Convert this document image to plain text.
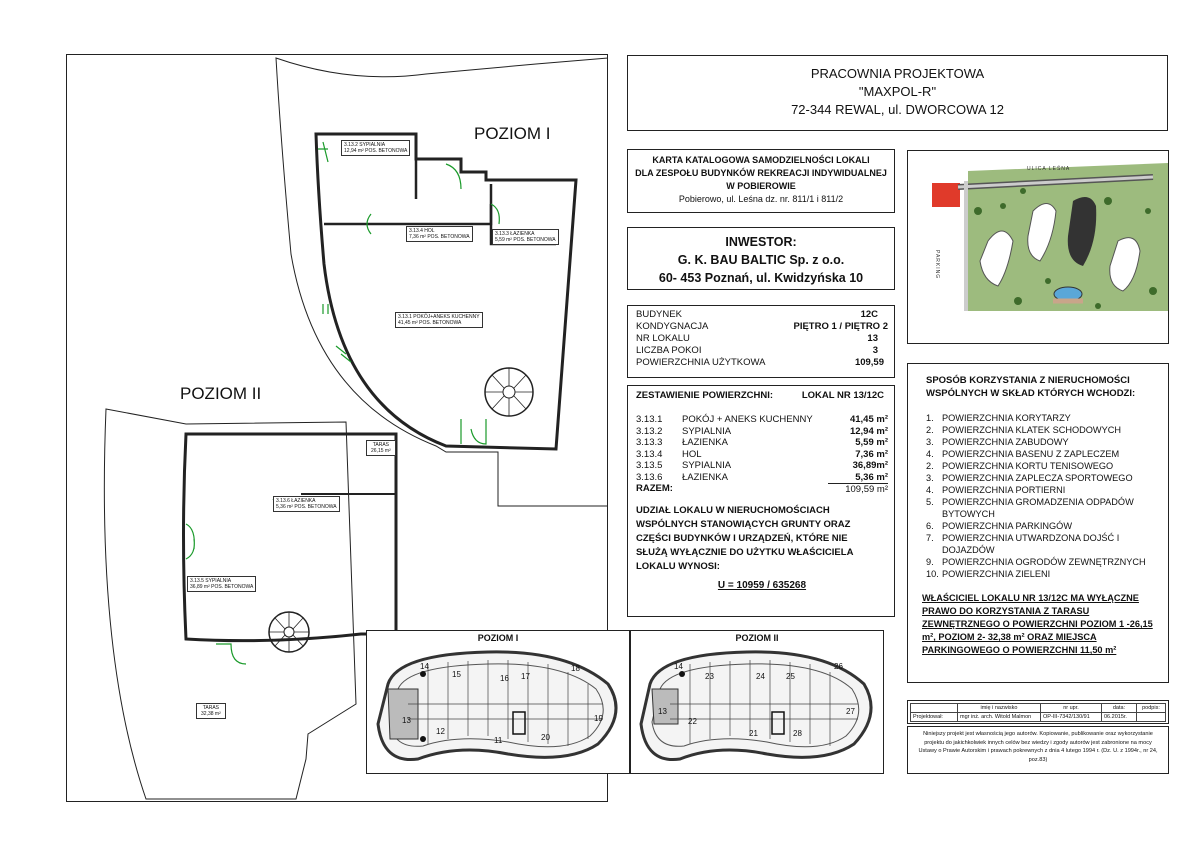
POZIOM I
POZIOM II
3.13.2 SYPIALNIA
12,94 m² POS. BETONOWA
3.13.4 HOL
7,36 m² POS. BETONOWA	3.13.3 ŁAZIENKA
5,59 m² POS. BETONOWA
3.13.1 POKÓJ+ANEKS KUCHENNY
41,45 m² POS. BETONOWA
3.13.6 ŁAZIENKA
5,36 m² POS. BETONOWA
3.13.5 SYPIALNIA
36,89 m² POS. BETONOWA
TARAS
26,15 m²
TARAS
32,38 m²
POZIOM I
14
15	16 17
18
19
20
11
12
13
POZIOM II
14
23	24	25
26
13
22
21	28
27
PRACOWNIA PROJEKTOWA
"MAXPOL-R"
72-344 REWAL, ul. DWORCOWA 12
KARTA KATALOGOWA SAMODZIELNOŚCI LOKALI
DLA ZESPOŁU BUDYNKÓW REKREACJI INDYWIDUALNEJ
W POBIEROWIE
Pobierowo, ul. Leśna dz. nr. 811/1 i 811/2
INWESTOR:
G. K. BAU BALTIC Sp. z o.o.
60- 453 Poznań, ul. Kwidzyńska 10
BUDYNEK	12C
KONDYGNACJA	PIĘTRO 1 / PIĘTRO 2
NR LOKALU	13
LICZBA POKOI	3
POWIERZCHNIA UŻYTKOWA	109,59
ZESTAWIENIE POWIERZCHNI:	LOKAL NR 13/12C
3.13.1	POKÓJ + ANEKS KUCHENNY	41,45 m²
3.13.2	SYPIALNIA	12,94 m²
3.13.3	ŁAZIENKA	5,59 m²
3.13.4	HOL	7,36 m²
3.13.5	SYPIALNIA	36,89m²
3.13.6	ŁAZIENKA	5,36 m²
RAZEM:	109,59 m²
UDZIAŁ LOKALU W NIERUCHOMOŚCIACH WSPÓLNYCH STANOWIĄCYCH GRUNTY ORAZ CZĘŚCI BUDYNKÓW I URZĄDZEŃ, KTÓRE NIE SŁUŻĄ WYŁĄCZNIE DO UŻYTKU WŁAŚCICIELA LOKALU WYNOSI:
U = 10959 / 635268
ULICA LEŚNA
PARKING
SPOSÓB KORZYSTANIA Z NIERUCHOMOŚCI WSPÓLNYCH W SKŁAD KTÓRYCH WCHODZI:
1. POWIERZCHNIA KORYTARZY
2. POWIERZCHNIA KLATEK SCHODOWYCH
3. POWIERZCHNIA ZABUDOWY
4. POWIERZCHNIA BASENU Z ZAPLECZEM
2. POWIERZCHNIA KORTU TENISOWEGO
3. POWIERZCHNIA ZAPLECZA SPORTOWEGO
4. POWIERZCHNIA PORTIERNI
5. POWIERZCHNIA GROMADZENIA ODPADÓW BYTOWYCH
6. POWIERZCHNIA PARKINGÓW
7. POWIERZCHNIA UTWARDZONA DOJŚĆ I DOJAZDÓW
9. POWIERZCHNIA OGRODÓW ZEWNĘTRZNYCH
10. POWIERZCHNIA ZIELENI
WŁAŚCICIEL LOKALU NR 13/12C MA WYŁĄCZNE PRAWO DO KORZYSTANIA Z TARASU ZEWNĘTRZNEGO O POWIERZCHNI POZIOM 1 -26,15 m², POZIOM 2- 32,38 m² ORAZ MIEJSCA PARKINGOWEGO O POWIERZCHNI 11,50 m²
	imię i nazwisko	nr upr.	data:	podpis:
Projektował:	mgr inż. arch. Witold Malmon	OP-III-7342/130/91	06.2015r.	
Niniejszy projekt jest własnością jego autorów. Kopiowanie, publikowanie oraz wykorzystanie projektu do jakichkolwiek innych celów bez wiedzy i zgody autorów jest zabronione na mocy Ustawy o Prawie Autorskim i prawach pokrewnych z dnia 4 lutego 1994 r. (Dz. U. z 1994r., nr 24, poz.83)
